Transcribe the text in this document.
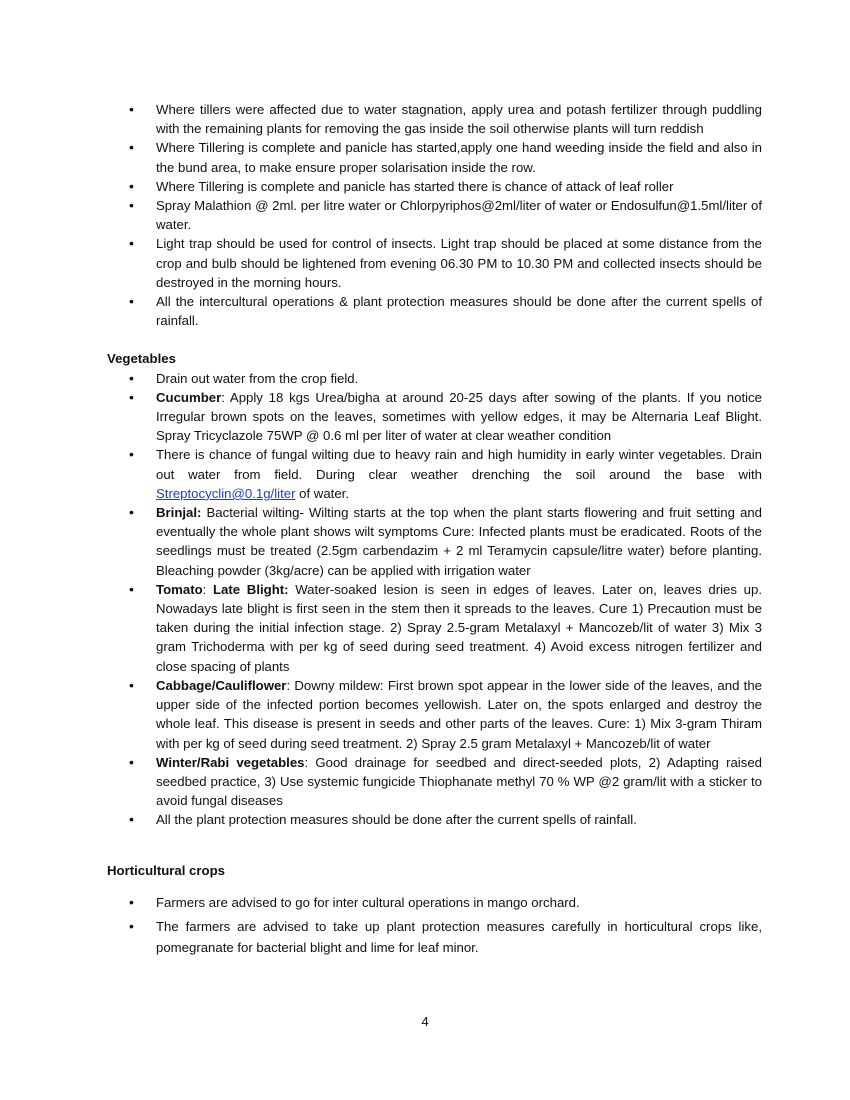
• Where tillers were affected due to water stagnation, apply urea and potash fertilizer through puddling with the remaining plants for removing the gas inside the soil otherwise plants will turn reddish
• Where Tillering is complete and panicle has started,apply one hand weeding inside the field and also in the bund area, to make ensure proper solarisation inside the row.
• Where Tillering is complete and panicle has started there is chance of attack of leaf roller
• Spray Malathion @ 2ml. per litre water or Chlorpyriphos@2ml/liter of water or Endosulfun@1.5ml/liter of water.
• Light trap should be used for control of insects. Light trap should be placed at some distance from the crop and bulb should be lightened from evening 06.30 PM to 10.30 PM and collected insects should be destroyed in the morning hours.
• All the intercultural operations & plant protection measures should be done after the current spells of rainfall.

Vegetables

• Drain out water from the crop field.
• Cucumber: Apply 18 kgs Urea/bigha at around 20-25 days after sowing of the plants. If you notice Irregular brown spots on the leaves, sometimes with yellow edges, it may be Alternaria Leaf Blight. Spray Tricyclazole 75WP @ 0.6 ml per liter of water at clear weather condition
• There is chance of fungal wilting due to heavy rain and high humidity in early winter vegetables. Drain out water from field. During clear weather drenching the soil around the base with Streptocyclin@0.1g/liter of water.
• Brinjal: Bacterial wilting- Wilting starts at the top when the plant starts flowering and fruit setting and eventually the whole plant shows wilt symptoms Cure: Infected plants must be eradicated. Roots of the seedlings must be treated (2.5gm carbendazim + 2 ml Teramycin capsule/litre water) before planting. Bleaching powder (3kg/acre) can be applied with irrigation water
• Tomato: Late Blight: Water-soaked lesion is seen in edges of leaves. Later on, leaves dries up. Nowadays late blight is first seen in the stem then it spreads to the leaves. Cure 1) Precaution must be taken during the initial infection stage. 2) Spray 2.5-gram Metalaxyl + Mancozeb/lit of water 3) Mix 3 gram Trichoderma with per kg of seed during seed treatment. 4) Avoid excess nitrogen fertilizer and close spacing of plants
• Cabbage/Cauliflower: Downy mildew: First brown spot appear in the lower side of the leaves, and the upper side of the infected portion becomes yellowish. Later on, the spots enlarged and destroy the whole leaf. This disease is present in seeds and other parts of the leaves. Cure: 1) Mix 3-gram Thiram with per kg of seed during seed treatment. 2) Spray 2.5 gram Metalaxyl + Mancozeb/lit of water
• Winter/Rabi vegetables: Good drainage for seedbed and direct-seeded plots, 2) Adapting raised seedbed practice, 3) Use systemic fungicide Thiophanate methyl 70 % WP @2 gram/lit with a sticker to avoid fungal diseases
• All the plant protection measures should be done after the current spells of rainfall.

Horticultural crops

• Farmers are advised to go for inter cultural operations in mango orchard.
• The farmers are advised to take up plant protection measures carefully in horticultural crops like, pomegranate for bacterial blight and lime for leaf minor.
4
